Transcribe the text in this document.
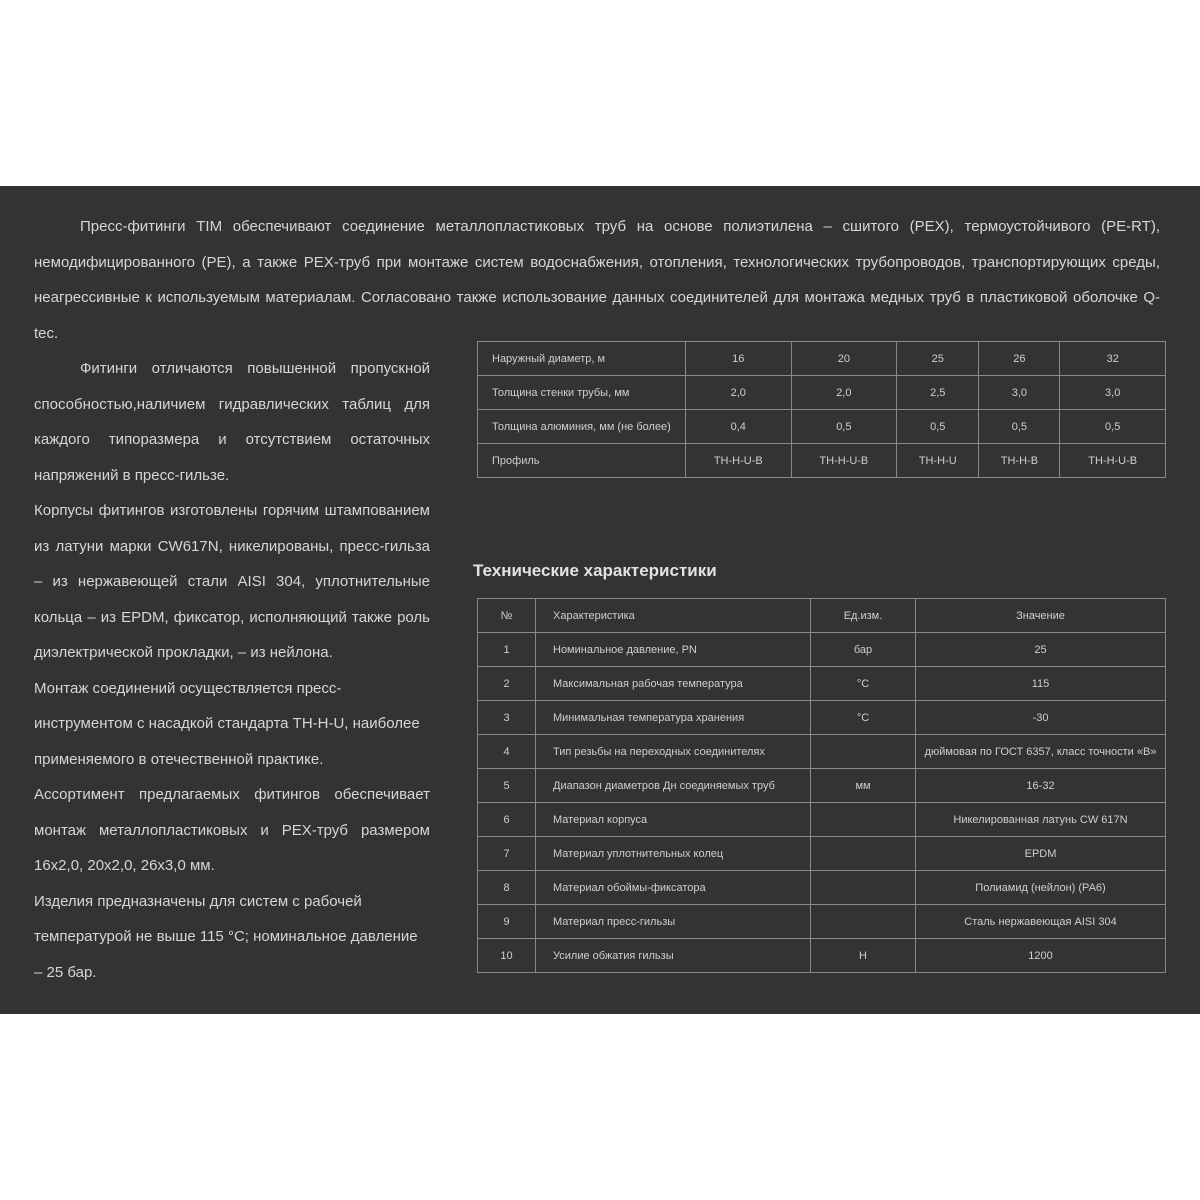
Пресс-фитинги TIM обеспечивают соединение металлопластиковых труб на основе полиэтилена – сшитого (PEX), термоустойчивого (PE-RT), немодифицированного (PE), а также PEX-труб при монтаже систем водоснабжения, отопления, технологических трубопроводов, транспортирующих среды, неагрессивные к используемым материалам. Согласовано также использование данных соединителей для монтажа медных труб в пластиковой оболочке Q-tec.

Фитинги отличаются повышенной пропускной способностью,наличием гидравлических таблиц для каждого типоразмера и отсутствием остаточных напряжений в пресс-гильзе.

Корпусы фитингов изготовлены горячим штампованием из латуни марки CW617N, никелированы, пресс-гильза – из нержавеющей стали AISI 304, уплотнительные кольца – из EPDM, фиксатор, исполняющий также роль диэлектрической прокладки, – из нейлона.

Монтаж соединений осуществляется пресс-инструментом с насадкой стандарта TH-H-U, наиболее применяемого в отечественной практике.

Ассортимент предлагаемых фитингов обеспечивает монтаж металлопластиковых и PEX-труб размером 16х2,0, 20х2,0, 26х3,0 мм.

Изделия предназначены для систем с рабочей температурой не выше 115 °С; номинальное давление – 25 бар.

Наружный диаметр, м	16	20	25	26	32
Толщина стенки трубы, мм	2,0	2,0	2,5	3,0	3,0
Толщина алюминия, мм (не более)	0,4	0,5	0,5	0,5	0,5
Профиль	TH-H-U-B	TH-H-U-B	TH-H-U	TH-H-B	TH-H-U-B
Технические характеристики
№	Характеристика	Ед.изм.	Значение
1	Номинальное давление, PN	бар	25
2	Максимальная рабочая температура	°С	115
3	Минимальная температура хранения	°С	-30
4	Тип резьбы на переходных соединителях		дюймовая по ГОСТ 6357, класс точности «В»
5	Диапазон диаметров Дн соединяемых труб	мм	16-32
6	Материал корпуса		Никелированная латунь CW 617N
7	Материал уплотнительных колец		EPDM
8	Материал обоймы-фиксатора		Полиамид (нейлон) (PA6)
9	Материал пресс-гильзы		Сталь нержавеющая AISI 304
10	Усилие обжатия гильзы	Н	1200
